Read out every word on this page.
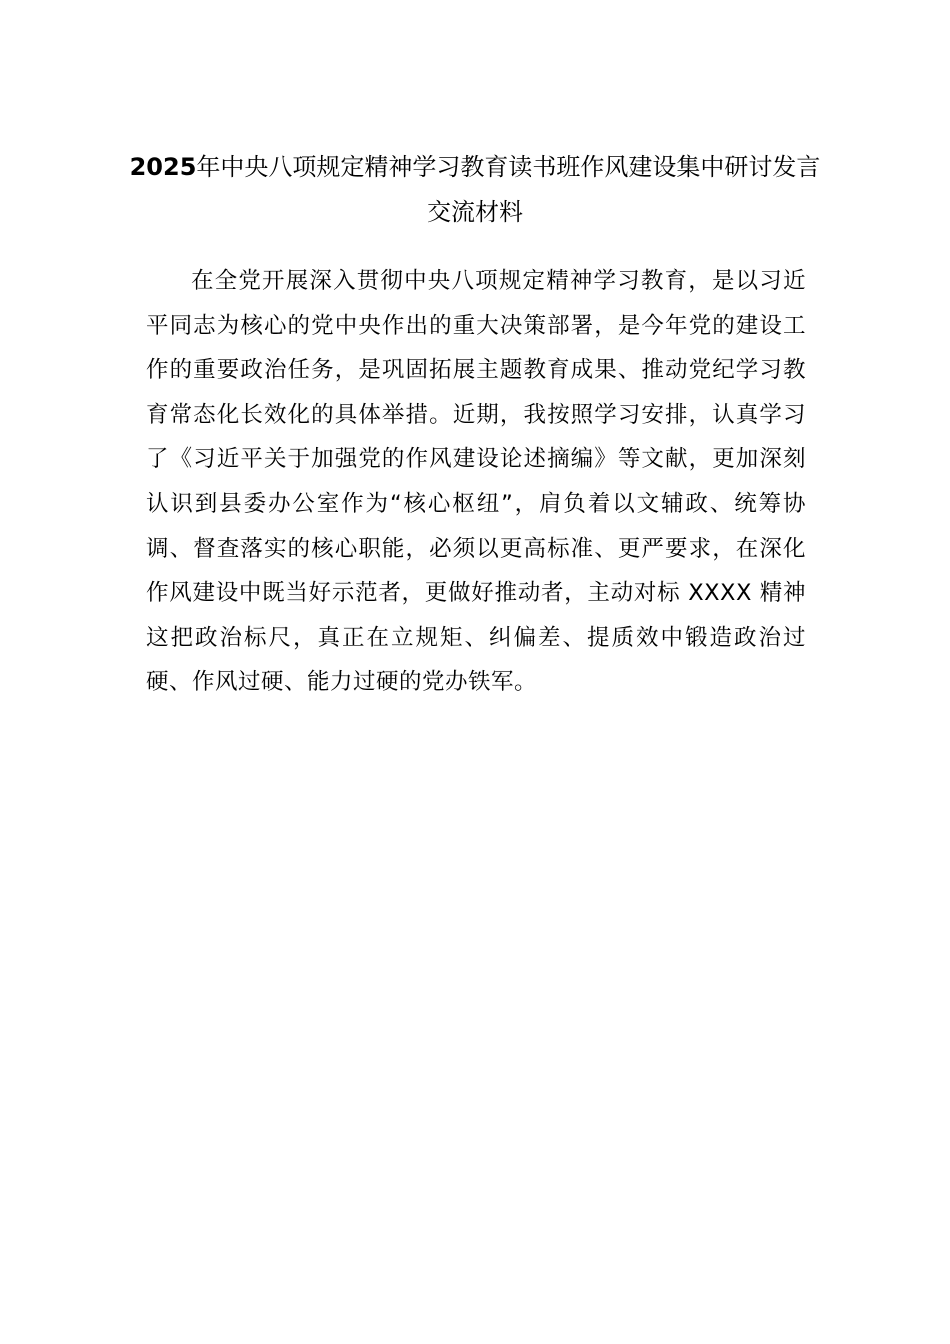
2025年中央八项规定精神学习教育读书班作风建设集中研讨发言交流材料

在全党开展深入贯彻中央八项规定精神学习教育，是以习近平同志为核心的党中央作出的重大决策部署，是今年党的建设工作的重要政治任务，是巩固拓展主题教育成果、推动党纪学习教育常态化长效化的具体举措。近期，我按照学习安排，认真学习了《习近平关于加强党的作风建设论述摘编》等文献，更加深刻认识到县委办公室作为“核心枢纽”，肩负着以文辅政、统筹协调、督查落实的核心职能，必须以更高标准、更严要求，在深化作风建设中既当好示范者，更做好推动者，主动对标 XXXX 精神这把政治标尺，真正在立规矩、纠偏差、提质效中锻造政治过硬、作风过硬、能力过硬的党办铁军。
